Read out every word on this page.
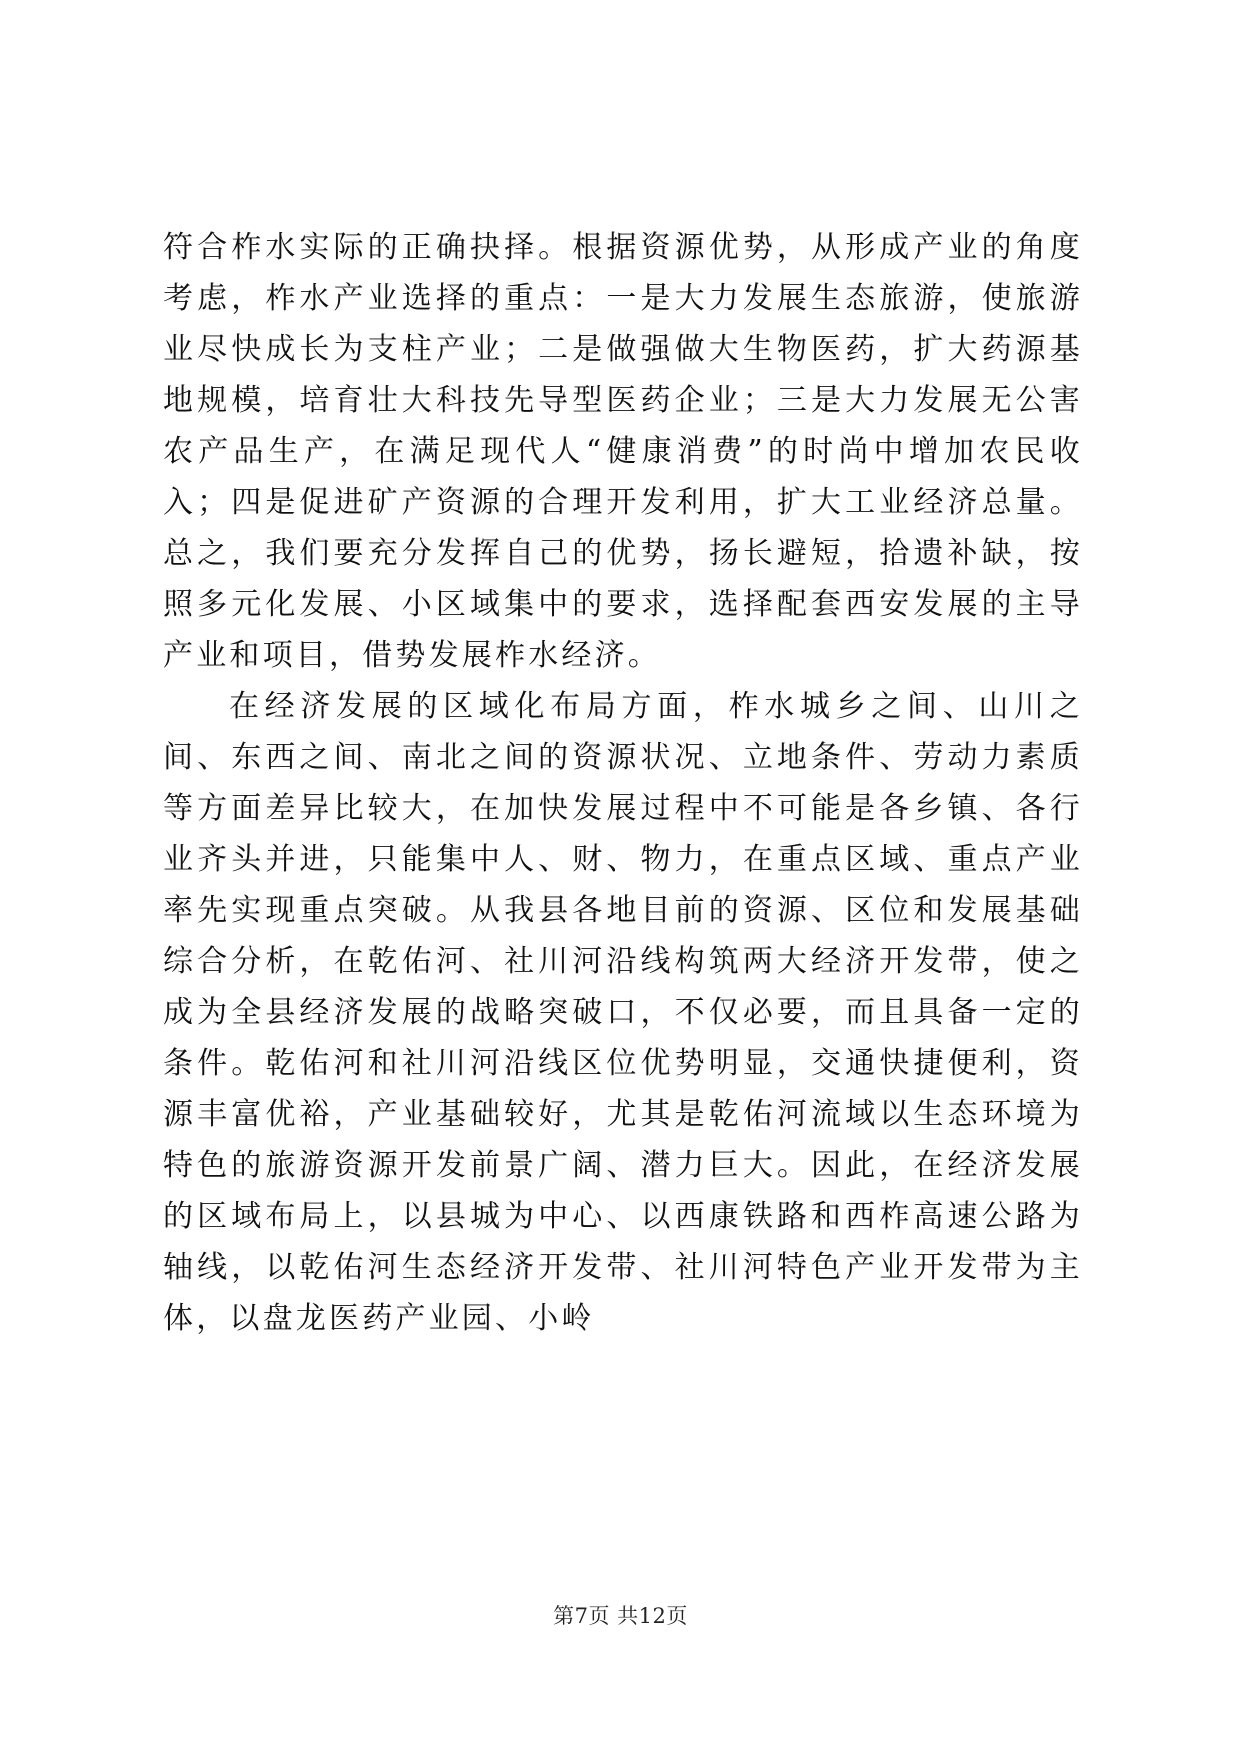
符合柞水实际的正确抉择。根据资源优势，从形成产业的角度考虑，柞水产业选择的重点：一是大力发展生态旅游，使旅游业尽快成长为支柱产业；二是做强做大生物医药，扩大药源基地规模，培育壮大科技先导型医药企业；三是大力发展无公害农产品生产，在满足现代人“健康消费”的时尚中增加农民收入；四是促进矿产资源的合理开发利用，扩大工业经济总量。总之，我们要充分发挥自己的优势，扬长避短，拾遗补缺，按照多元化发展、小区域集中的要求，选择配套西安发展的主导产业和项目，借势发展柞水经济。

在经济发展的区域化布局方面，柞水城乡之间、山川之间、东西之间、南北之间的资源状况、立地条件、劳动力素质等方面差异比较大，在加快发展过程中不可能是各乡镇、各行业齐头并进，只能集中人、财、物力，在重点区域、重点产业率先实现重点突破。从我县各地目前的资源、区位和发展基础综合分析，在乾佑河、社川河沿线构筑两大经济开发带，使之成为全县经济发展的战略突破口，不仅必要，而且具备一定的条件。乾佑河和社川河沿线区位优势明显，交通快捷便利，资源丰富优裕，产业基础较好，尤其是乾佑河流域以生态环境为特色的旅游资源开发前景广阔、潜力巨大。因此，在经济发展的区域布局上，以县城为中心、以西康铁路和西柞高速公路为轴线，以乾佑河生态经济开发带、社川河特色产业开发带为主体，以盘龙医药产业园、小岭

第7页 共12页
